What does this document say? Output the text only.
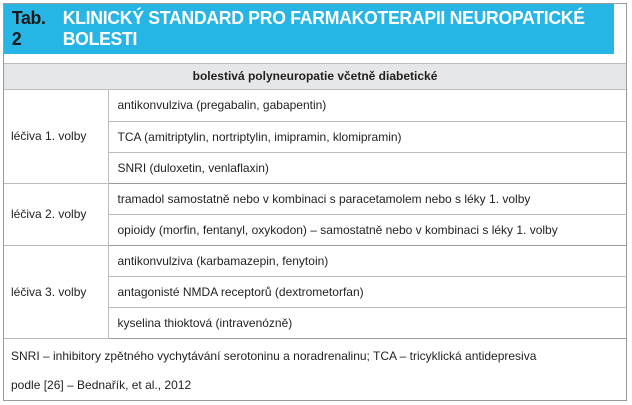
Tab. 2
KLINICKÝ STANDARD PRO FARMAKOTERAPII NEUROPATICKÉ BOLESTI
bolestivá polyneuropatie včetně diabetické
léčiva 1. volby	antikonvulziva (pregabalin, gabapentin)
	TCA (amitriptylin, nortriptylin, imipramin, klomipramin)
	SNRI (duloxetin, venlaflaxin)
léčiva 2. volby	tramadol samostatně nebo v kombinaci s paracetamolem nebo s léky 1. volby
	opioidy (morfin, fentanyl, oxykodon) – samostatně nebo v kombinaci s léky 1. volby
léčiva 3. volby	antikonvulziva (karbamazepin, fenytoin)
	antagonisté NMDA receptorů (dextrometorfan)
	kyselina thioktová (intravenózně)
SNRI – inhibitory zpětného vychytávání serotoninu a noradrenalinu; TCA – tricyklická antidepresiva
podle [26] – Bednařík, et al., 2012
